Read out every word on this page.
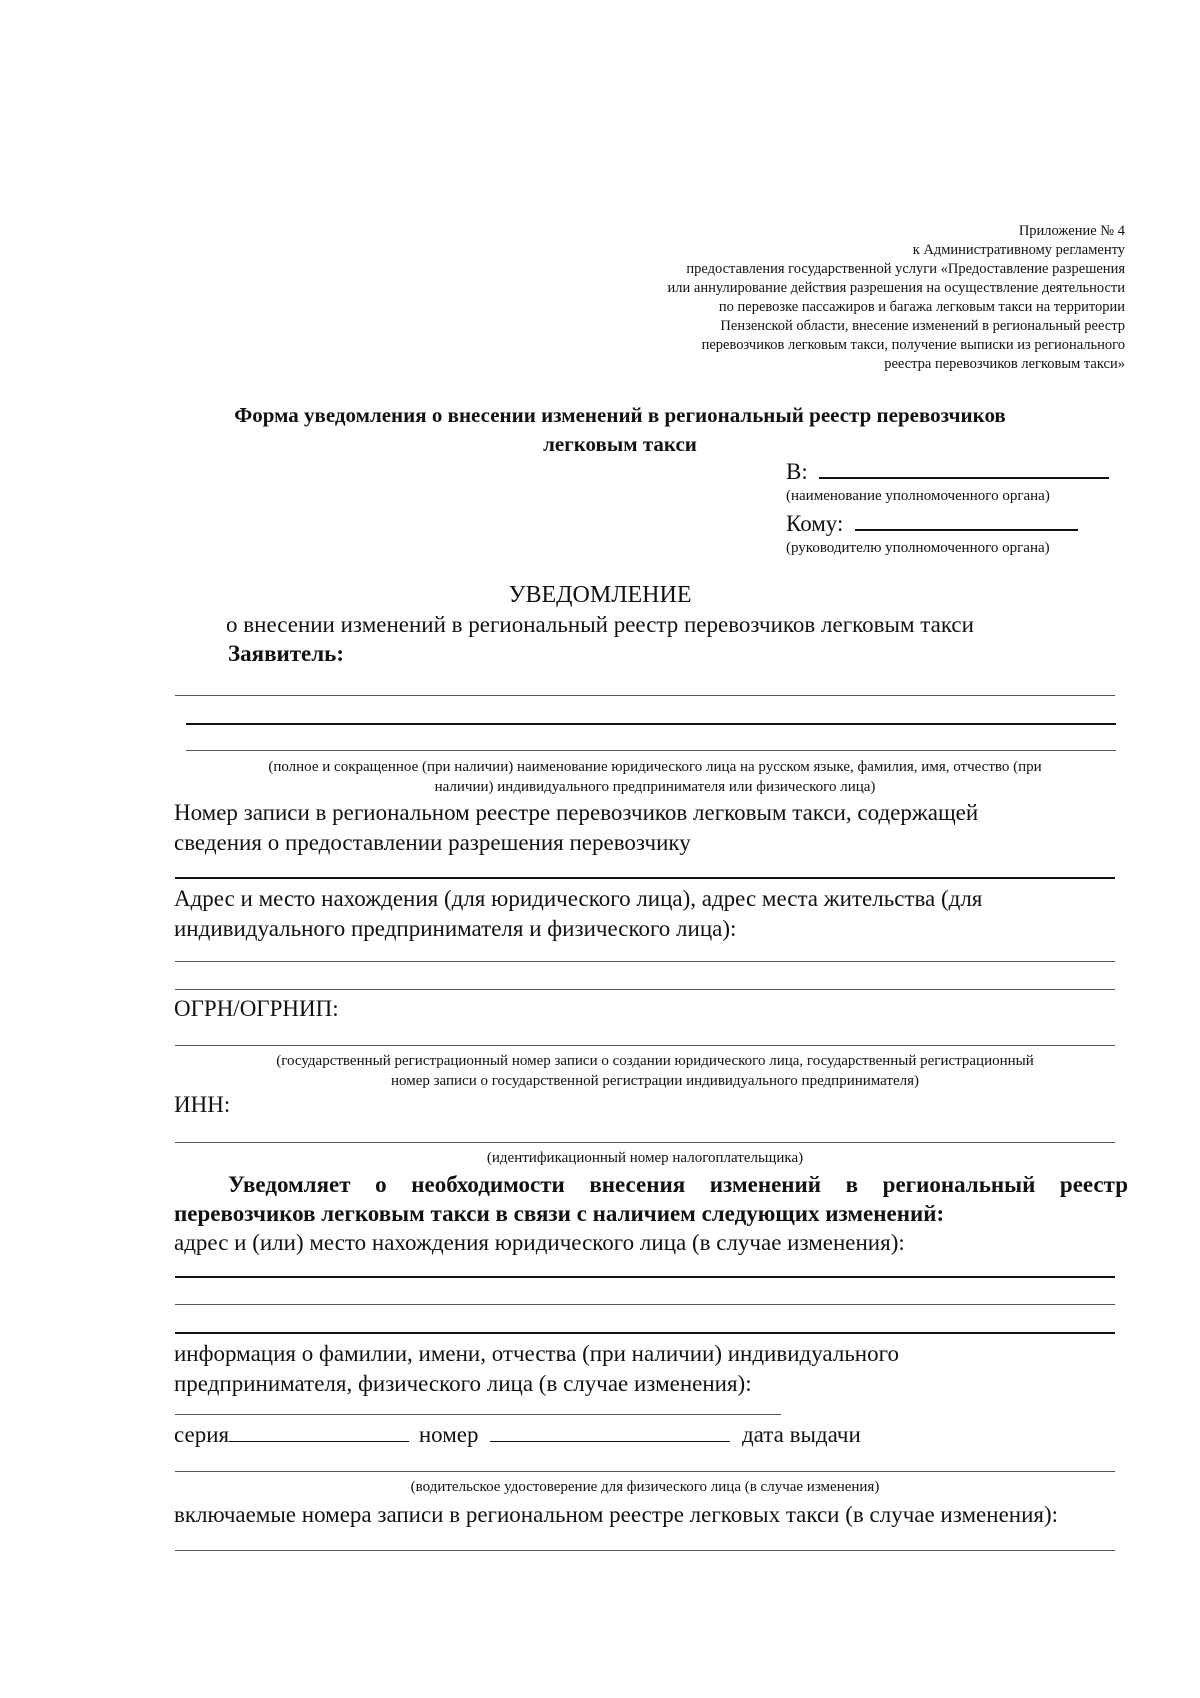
Приложение № 4
к Административному регламенту
предоставления государственной услуги «Предоставление разрешения
или аннулирование действия разрешения на осуществление деятельности
по перевозке пассажиров и багажа легковым такси на территории
Пензенской области, внесение изменений в региональный реестр
перевозчиков легковым такси, получение выписки из регионального
реестра перевозчиков легковым такси»
Форма уведомления о внесении изменений в региональный реестр перевозчиков
легковым такси
В:
(наименование уполномоченного органа)
Кому:
(руководителю уполномоченного органа)
УВЕДОМЛЕНИЕ
о внесении изменений в региональный реестр перевозчиков легковым такси
Заявитель:
(полное и сокращенное (при наличии) наименование юридического лица на русском языке, фамилия, имя, отчество (при
наличии) индивидуального предпринимателя или физического лица)
Номер записи в региональном реестре перевозчиков легковым такси, содержащей
сведения о предоставлении разрешения перевозчику
Адрес и место нахождения (для юридического лица), адрес места жительства (для
индивидуального предпринимателя и физического лица):
ОГРН/ОГРНИП:
(государственный регистрационный номер записи о создании юридического лица, государственный регистрационный
номер записи о государственной регистрации индивидуального предпринимателя)
ИНН:
(идентификационный номер налогоплательщика)
Уведомляет о необходимости внесения изменений в региональный реестр
перевозчиков легковым такси в связи с наличием следующих изменений:
адрес и (или) место нахождения юридического лица (в случае изменения):
информация о фамилии, имени, отчества (при наличии) индивидуального
предпринимателя, физического лица (в случае изменения):
серия	номер	дата выдачи
(водительское удостоверение для физического лица (в случае изменения)
включаемые номера записи в региональном реестре легковых такси (в случае изменения):
